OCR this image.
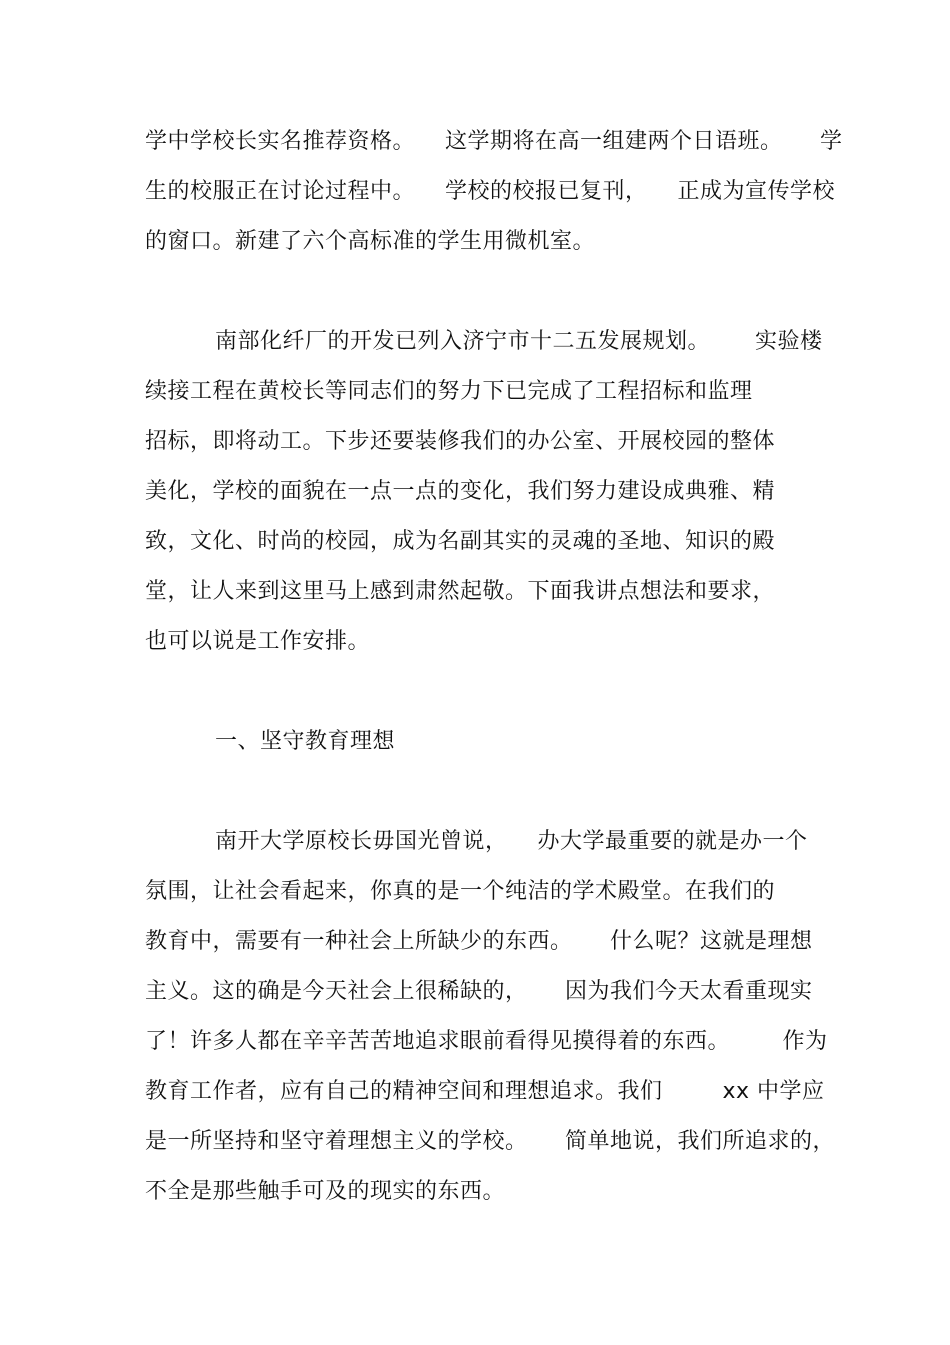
学中学校长实名推荐资格。    这学期将在高一组建两个日语班。     学
生的校服正在讨论过程中。    学校的校报已复刊，    正成为宣传学校
的窗口。新建了六个高标准的学生用微机室。
南部化纤厂的开发已列入济宁市十二五发展规划。      实验楼
续接工程在黄校长等同志们的努力下已完成了工程招标和监理
招标，即将动工。下步还要装修我们的办公室、开展校园的整体
美化，学校的面貌在一点一点的变化，我们努力建设成典雅、精
致，文化、时尚的校园，成为名副其实的灵魂的圣地、知识的殿
堂，让人来到这里马上感到肃然起敬。下面我讲点想法和要求，
也可以说是工作安排。
一、坚守教育理想
南开大学原校长毋国光曾说，    办大学最重要的就是办一个
氛围，让社会看起来，你真的是一个纯洁的学术殿堂。在我们的
教育中，需要有一种社会上所缺少的东西。     什么呢？这就是理想
主义。这的确是今天社会上很稀缺的，     因为我们今天太看重现实
了！许多人都在辛辛苦苦地追求眼前看得见摸得着的东西。       作为
教育工作者，应有自己的精神空间和理想追求。我们        xx 中学应
是一所坚持和坚守着理想主义的学校。     简单地说，我们所追求的，
不全是那些触手可及的现实的东西。
